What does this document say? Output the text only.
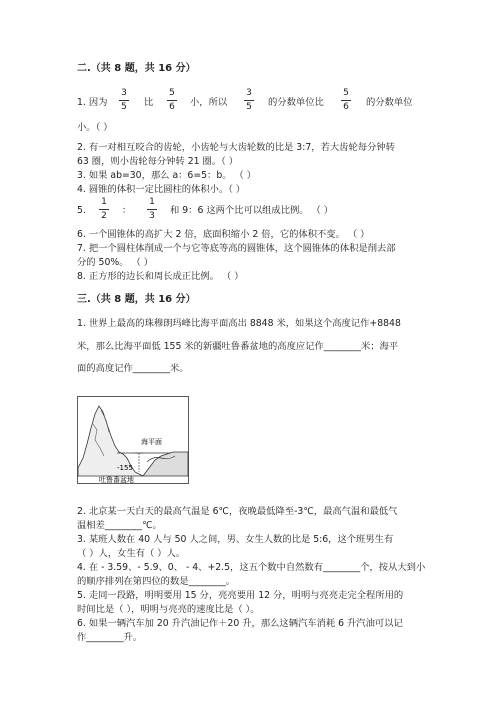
二.（共 8 题，共 16 分）
1. 因为
3
5	比
5
6	小，所以
3
5	的分数单位比
5
6	的分数单位
小。（ ）
2. 有一对相互咬合的齿轮，小齿轮与大齿轮数的比是 3:7，若大齿轮每分钟转
63 圈，则小齿轮每分钟转 21 圈。（ ）
3. 如果 ab=30，那么 a：6=5：b。 （ ）
4. 圆锥的体积一定比圆柱的体积小。（ ）
5.
1
2	：
1
3	和 9：6 这两个比可以组成比例。 （ ）
6. 一个圆锥体的高扩大 2 倍，底面积缩小 2 倍，它的体积不变。 （ ）
7. 把一个圆柱体削成一个与它等底等高的圆锥体，这个圆锥体的体积是削去部
分的 50%。 （ ）
8. 正方形的边长和周长成正比例。 （ ）
三.（共 8 题，共 16 分）
1. 世界上最高的珠穆朗玛峰比海平面高出 8848 米，如果这个高度记作+8848
米，那么比海平面低 155 米的新疆吐鲁番盆地的高度应记作________米；海平
面的高度记作________米。
海平面
-155
吐鲁番盆地
2. 北京某一天白天的最高气温是 6℃，夜晚最低降至-3℃，最高气温和最低气
温相差________℃。
3. 某班人数在 40 人与 50 人之间，男、女生人数的比是 5:6，这个班男生有
（ ）人，女生有（ ）人。
4. 在 - 3.59、- 5.9、0、 - 4、+2.5，这五个数中自然数有________个，按从大到小
的顺序排列在第四位的数是________。
5. 走同一段路，明明要用 15 分，亮亮要用 12 分，明明与亮亮走完全程所用的
时间比是（ ），明明与亮亮的速度比是（ ）。
6. 如果一辆汽车加 20 升汽油记作＋20 升，那么这辆汽车消耗 6 升汽油可以记
作________升。
